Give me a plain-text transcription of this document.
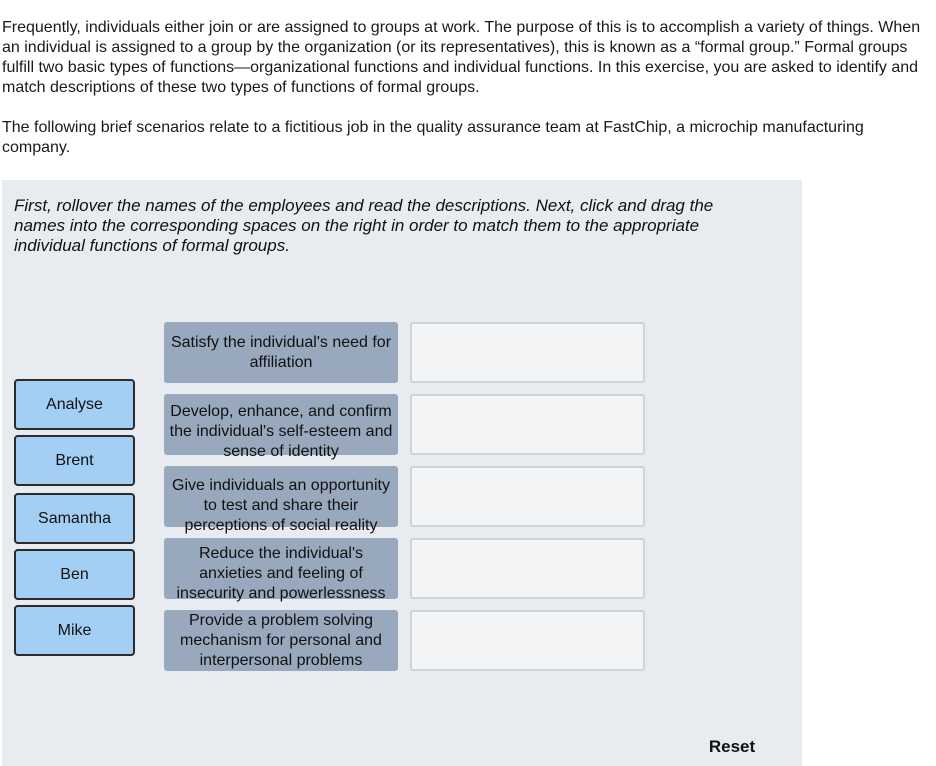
Frequently, individuals either join or are assigned to groups at work. The purpose of this is to accomplish a variety of things. When an individual is assigned to a group by the organization (or its representatives), this is known as a “formal group.” Formal groups fulfill two basic types of functions—organizational functions and individual functions. In this exercise, you are asked to identify and match descriptions of these two types of functions of formal groups.

The following brief scenarios relate to a fictitious job in the quality assurance team at FastChip, a microchip manufacturing company.

First, rollover the names of the employees and read the descriptions. Next, click and drag the names into the corresponding spaces on the right in order to match them to the appropriate individual functions of formal groups.
Analyse
Brent
Samantha
Ben
Mike
Satisfy the individual's need for affiliation
Develop, enhance, and confirm the individual's self-esteem and sense of identity
Give individuals an opportunity to test and share their perceptions of social reality
Reduce the individual's anxieties and feeling of insecurity and powerlessness
Provide a problem solving mechanism for personal and interpersonal problems
Reset
